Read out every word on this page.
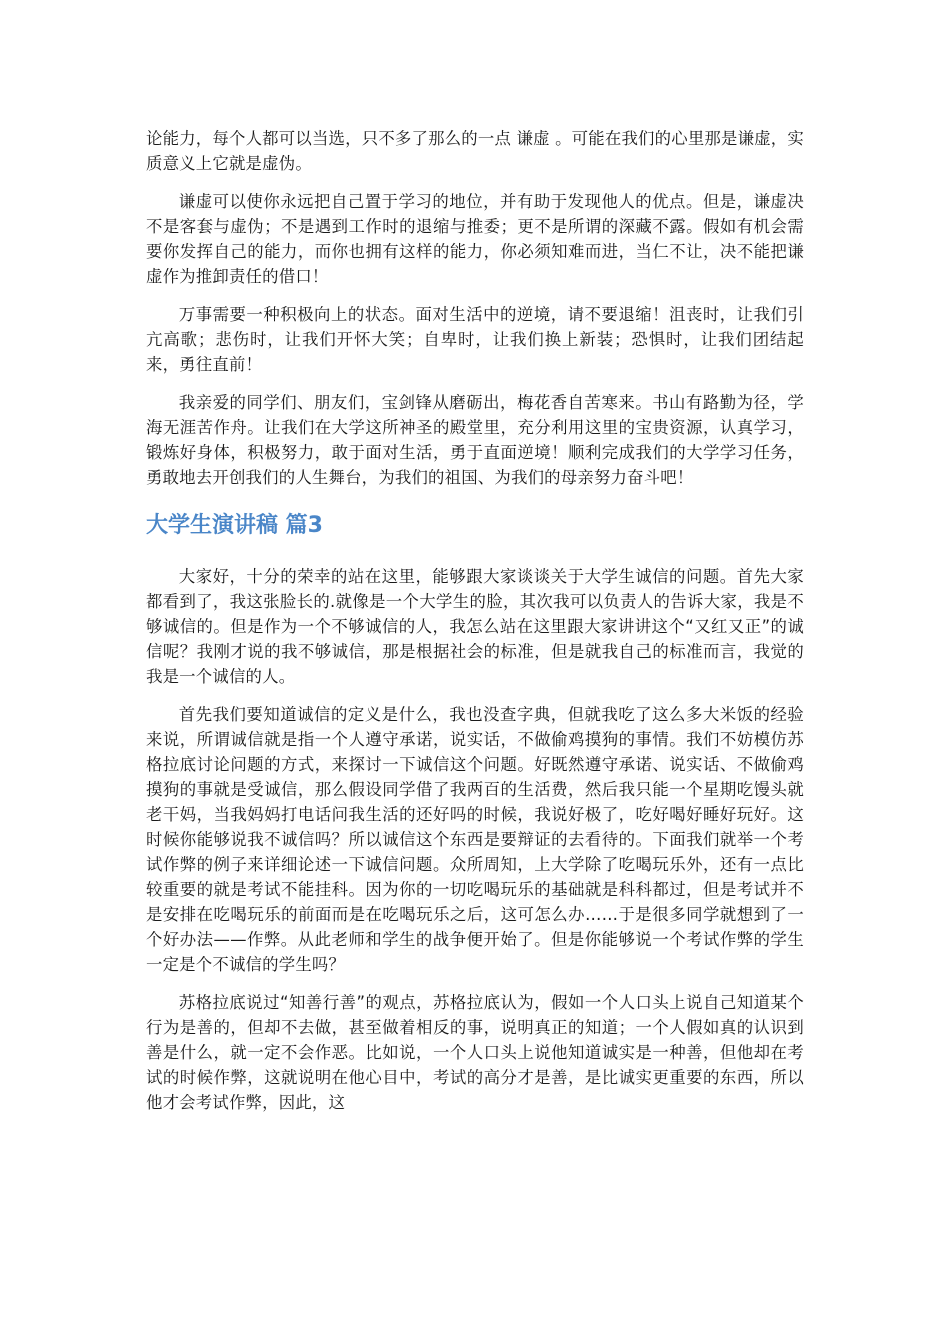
论能力，每个人都可以当选，只不多了那么的一点 谦虚 。可能在我们的心里那是谦虚，实质意义上它就是虚伪。

谦虚可以使你永远把自己置于学习的地位，并有助于发现他人的优点。但是，谦虚决不是客套与虚伪；不是遇到工作时的退缩与推委；更不是所谓的深藏不露。假如有机会需要你发挥自己的能力，而你也拥有这样的能力，你必须知难而进，当仁不让，决不能把谦虚作为推卸责任的借口！

万事需要一种积极向上的状态。面对生活中的逆境，请不要退缩！沮丧时，让我们引亢高歌；悲伤时，让我们开怀大笑；自卑时，让我们换上新装；恐惧时，让我们团结起来，勇往直前！

我亲爱的同学们、朋友们，宝剑锋从磨砺出，梅花香自苦寒来。书山有路勤为径，学海无涯苦作舟。让我们在大学这所神圣的殿堂里，充分利用这里的宝贵资源，认真学习，锻炼好身体，积极努力，敢于面对生活，勇于直面逆境！顺利完成我们的大学学习任务，勇敢地去开创我们的人生舞台，为我们的祖国、为我们的母亲努力奋斗吧！

大学生演讲稿 篇3

大家好，十分的荣幸的站在这里，能够跟大家谈谈关于大学生诚信的问题。首先大家都看到了，我这张脸长的.就像是一个大学生的脸，其次我可以负责人的告诉大家，我是不够诚信的。但是作为一个不够诚信的人，我怎么站在这里跟大家讲讲这个“又红又正”的诚信呢？我刚才说的我不够诚信，那是根据社会的标准，但是就我自己的标准而言，我觉的我是一个诚信的人。

首先我们要知道诚信的定义是什么，我也没查字典，但就我吃了这么多大米饭的经验来说，所谓诚信就是指一个人遵守承诺，说实话，不做偷鸡摸狗的事情。我们不妨模仿苏格拉底讨论问题的方式，来探讨一下诚信这个问题。好既然遵守承诺、说实话、不做偷鸡摸狗的事就是受诚信，那么假设同学借了我两百的生活费，然后我只能一个星期吃馒头就老干妈，当我妈妈打电话问我生活的还好吗的时候，我说好极了，吃好喝好睡好玩好。这时候你能够说我不诚信吗？所以诚信这个东西是要辩证的去看待的。下面我们就举一个考试作弊的例子来详细论述一下诚信问题。众所周知，上大学除了吃喝玩乐外，还有一点比较重要的就是考试不能挂科。因为你的一切吃喝玩乐的基础就是科科都过，但是考试并不是安排在吃喝玩乐的前面而是在吃喝玩乐之后，这可怎么办……于是很多同学就想到了一个好办法——作弊。从此老师和学生的战争便开始了。但是你能够说一个考试作弊的学生一定是个不诚信的学生吗？

苏格拉底说过“知善行善”的观点，苏格拉底认为，假如一个人口头上说自己知道某个行为是善的，但却不去做，甚至做着相反的事，说明真正的知道；一个人假如真的认识到善是什么，就一定不会作恶。比如说，一个人口头上说他知道诚实是一种善，但他却在考试的时候作弊，这就说明在他心目中，考试的高分才是善，是比诚实更重要的东西，所以他才会考试作弊，因此，这
